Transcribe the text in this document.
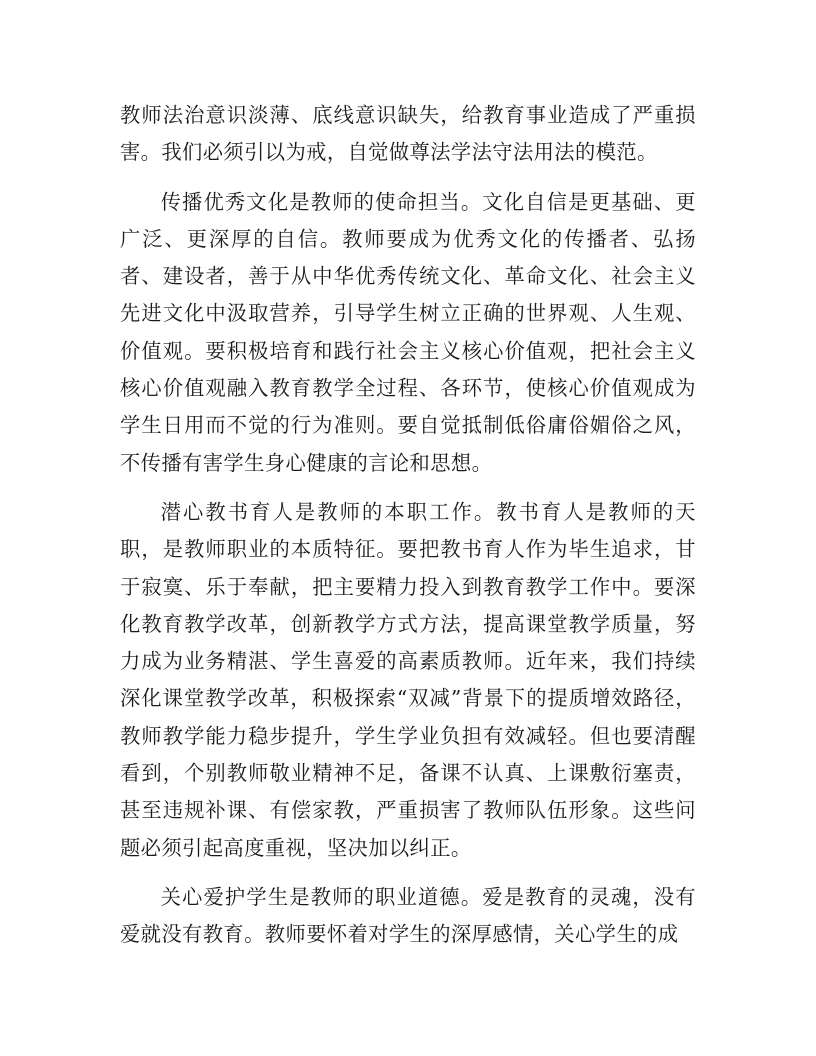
教师法治意识淡薄、底线意识缺失，给教育事业造成了严重损害。我们必须引以为戒，自觉做尊法学法守法用法的模范。

传播优秀文化是教师的使命担当。文化自信是更基础、更广泛、更深厚的自信。教师要成为优秀文化的传播者、弘扬者、建设者，善于从中华优秀传统文化、革命文化、社会主义先进文化中汲取营养，引导学生树立正确的世界观、人生观、价值观。要积极培育和践行社会主义核心价值观，把社会主义核心价值观融入教育教学全过程、各环节，使核心价值观成为学生日用而不觉的行为准则。要自觉抵制低俗庸俗媚俗之风，不传播有害学生身心健康的言论和思想。

潜心教书育人是教师的本职工作。教书育人是教师的天职，是教师职业的本质特征。要把教书育人作为毕生追求，甘于寂寞、乐于奉献，把主要精力投入到教育教学工作中。要深化教育教学改革，创新教学方式方法，提高课堂教学质量，努力成为业务精湛、学生喜爱的高素质教师。近年来，我们持续深化课堂教学改革，积极探索“双减”背景下的提质增效路径，教师教学能力稳步提升，学生学业负担有效减轻。但也要清醒看到，个别教师敬业精神不足，备课不认真、上课敷衍塞责，甚至违规补课、有偿家教，严重损害了教师队伍形象。这些问题必须引起高度重视，坚决加以纠正。

关心爱护学生是教师的职业道德。爱是教育的灵魂，没有爱就没有教育。教师要怀着对学生的深厚感情，关心学生的成
